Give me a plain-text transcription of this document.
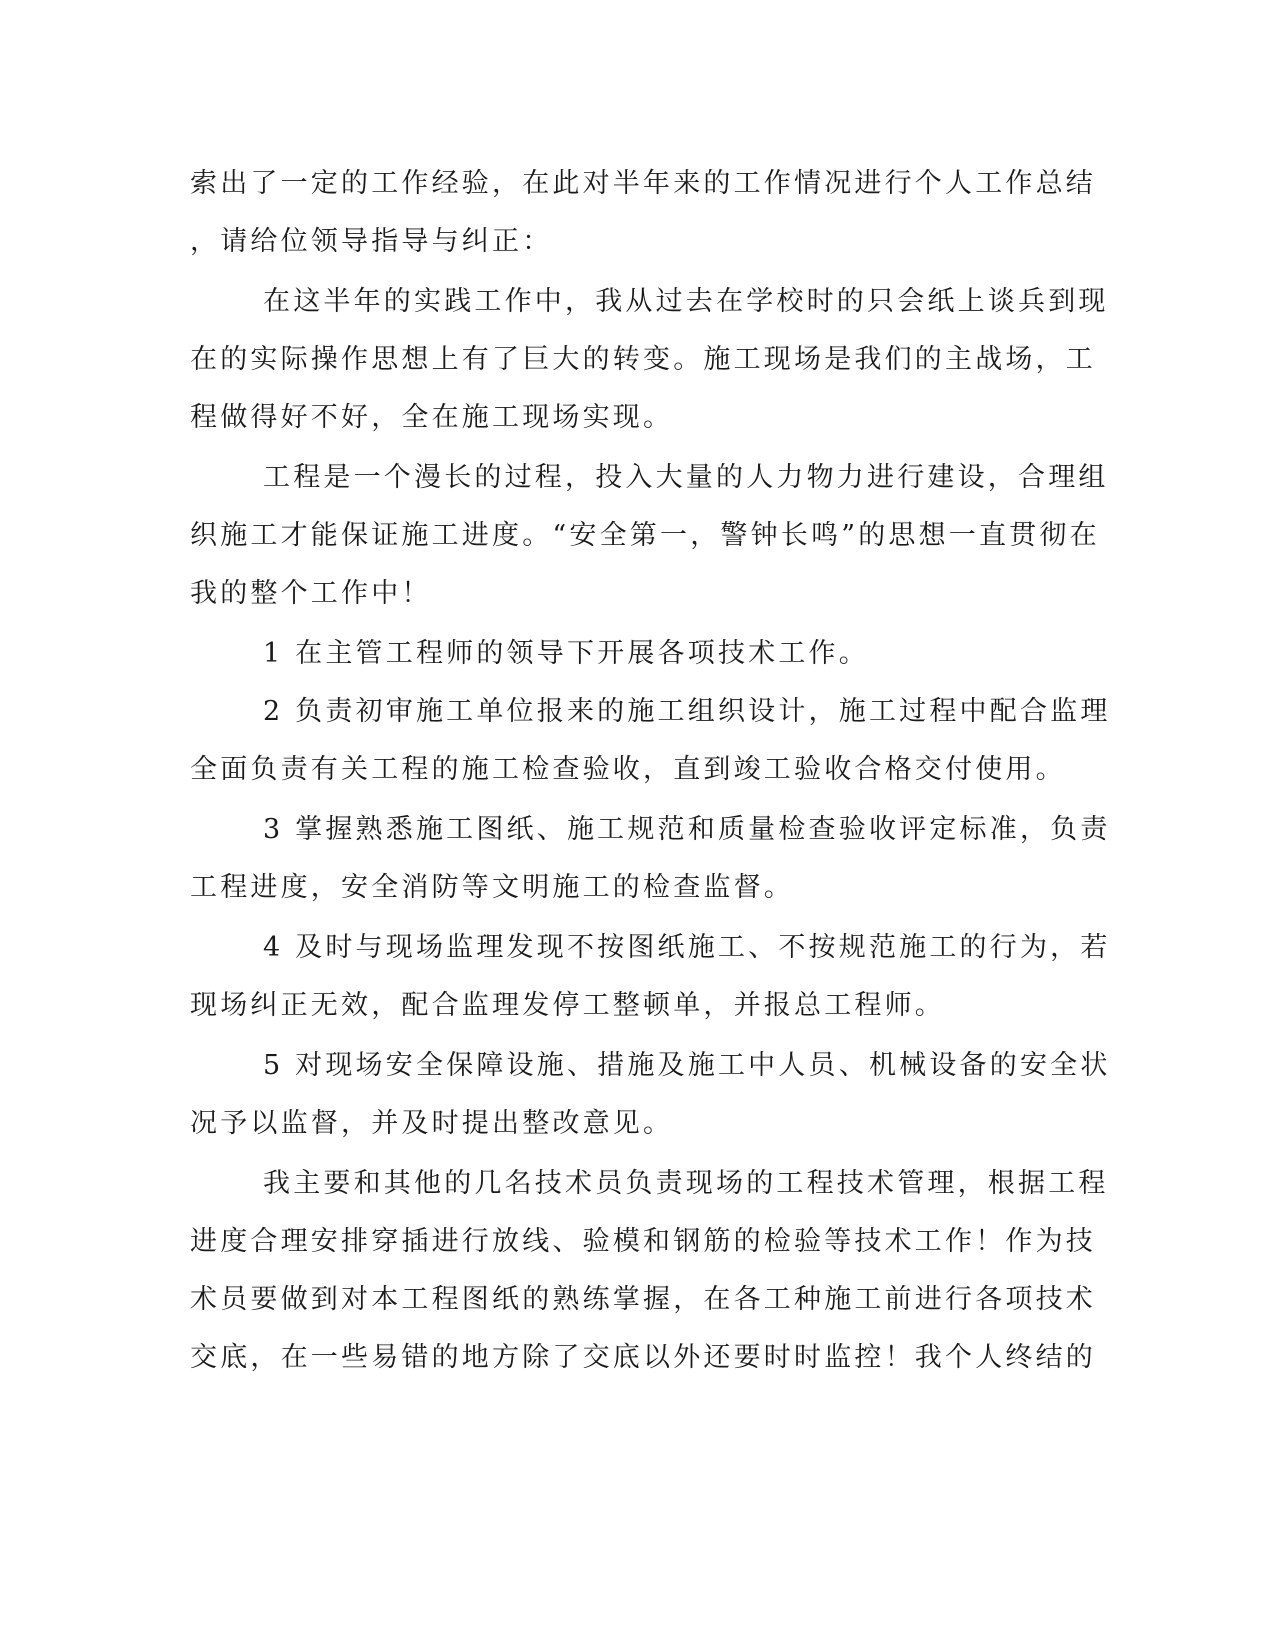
索出了一定的工作经验，在此对半年来的工作情况进行个人工作总结
，请给位领导指导与纠正：
在这半年的实践工作中，我从过去在学校时的只会纸上谈兵到现
在的实际操作思想上有了巨大的转变。施工现场是我们的主战场，工
程做得好不好，全在施工现场实现。
工程是一个漫长的过程，投入大量的人力物力进行建设，合理组
织施工才能保证施工进度。“安全第一，警钟长鸣”的思想一直贯彻在
我的整个工作中！
1 在主管工程师的领导下开展各项技术工作。
2 负责初审施工单位报来的施工组织设计，施工过程中配合监理
全面负责有关工程的施工检查验收，直到竣工验收合格交付使用。
3 掌握熟悉施工图纸、施工规范和质量检查验收评定标准，负责
工程进度，安全消防等文明施工的检查监督。
4 及时与现场监理发现不按图纸施工、不按规范施工的行为，若
现场纠正无效，配合监理发停工整顿单，并报总工程师。
5 对现场安全保障设施、措施及施工中人员、机械设备的安全状
况予以监督，并及时提出整改意见。
我主要和其他的几名技术员负责现场的工程技术管理，根据工程
进度合理安排穿插进行放线、验模和钢筋的检验等技术工作！作为技
术员要做到对本工程图纸的熟练掌握，在各工种施工前进行各项技术
交底，在一些易错的地方除了交底以外还要时时监控！我个人终结的
